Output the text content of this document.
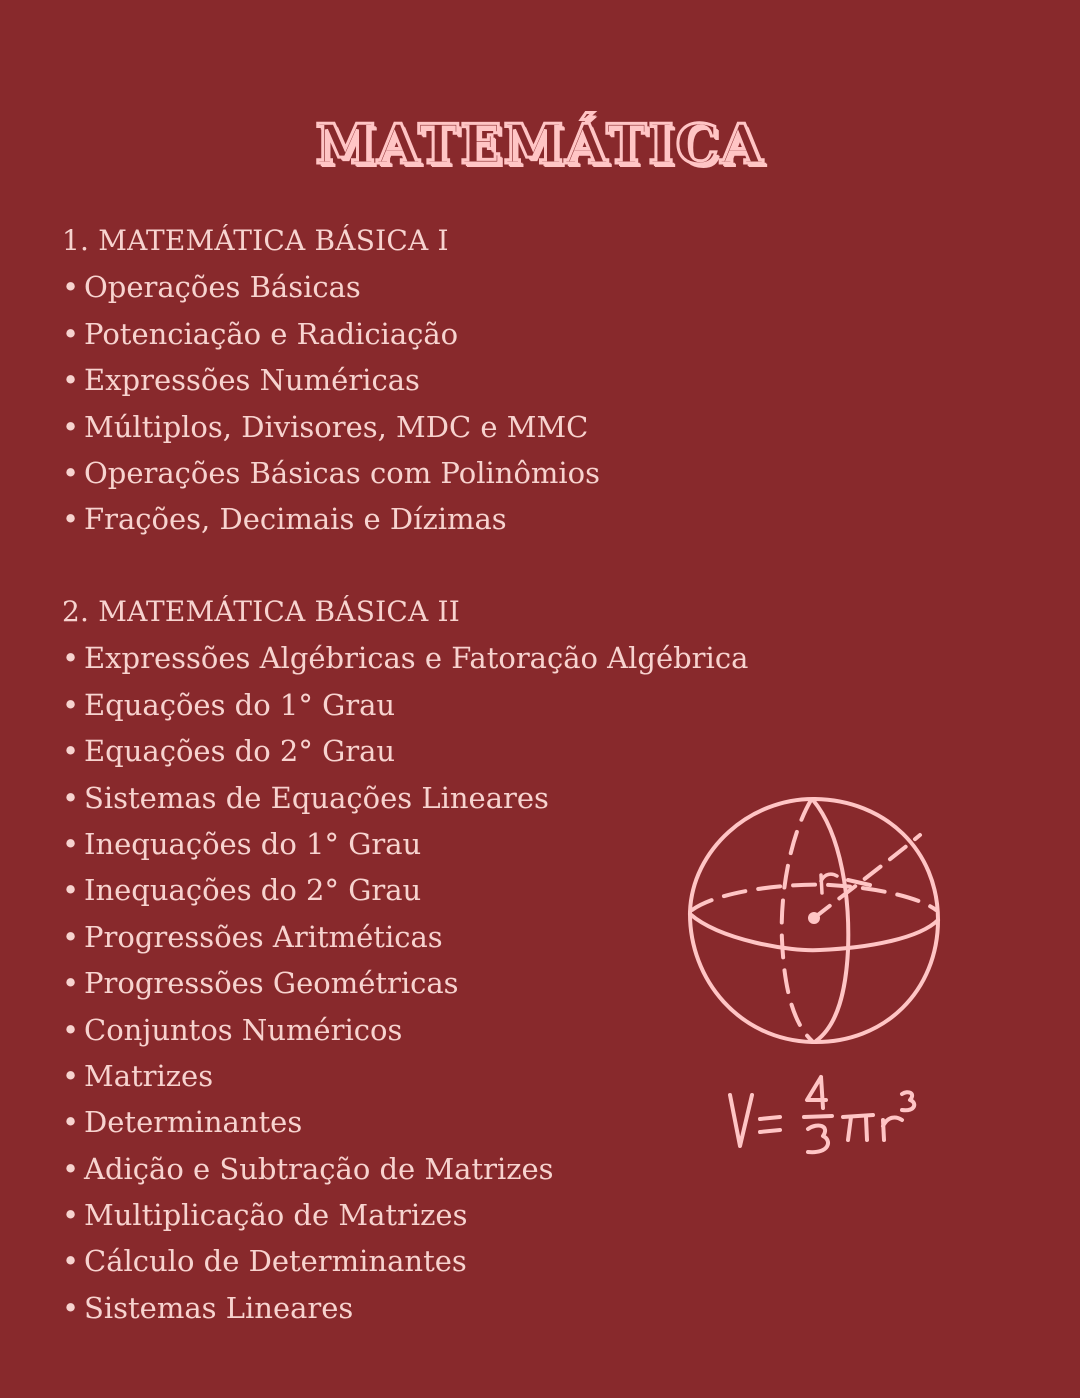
MATEMÁTICA
1. MATEMÁTICA BÁSICA I
• Operações Básicas
• Potenciação e Radiciação
• Expressões Numéricas
• Múltiplos, Divisores, MDC e MMC
• Operações Básicas com Polinômios
• Frações, Decimais e Dízimas
2. MATEMÁTICA BÁSICA II
• Expressões Algébricas e Fatoração Algébrica
• Equações do 1° Grau
• Equações do 2° Grau
• Sistemas de Equações Lineares
• Inequações do 1° Grau
• Inequações do 2° Grau
• Progressões Aritméticas
• Progressões Geométricas
• Conjuntos Numéricos
• Matrizes
• Determinantes
• Adição e Subtração de Matrizes
• Multiplicação de Matrizes
• Cálculo de Determinantes
• Sistemas Lineares
